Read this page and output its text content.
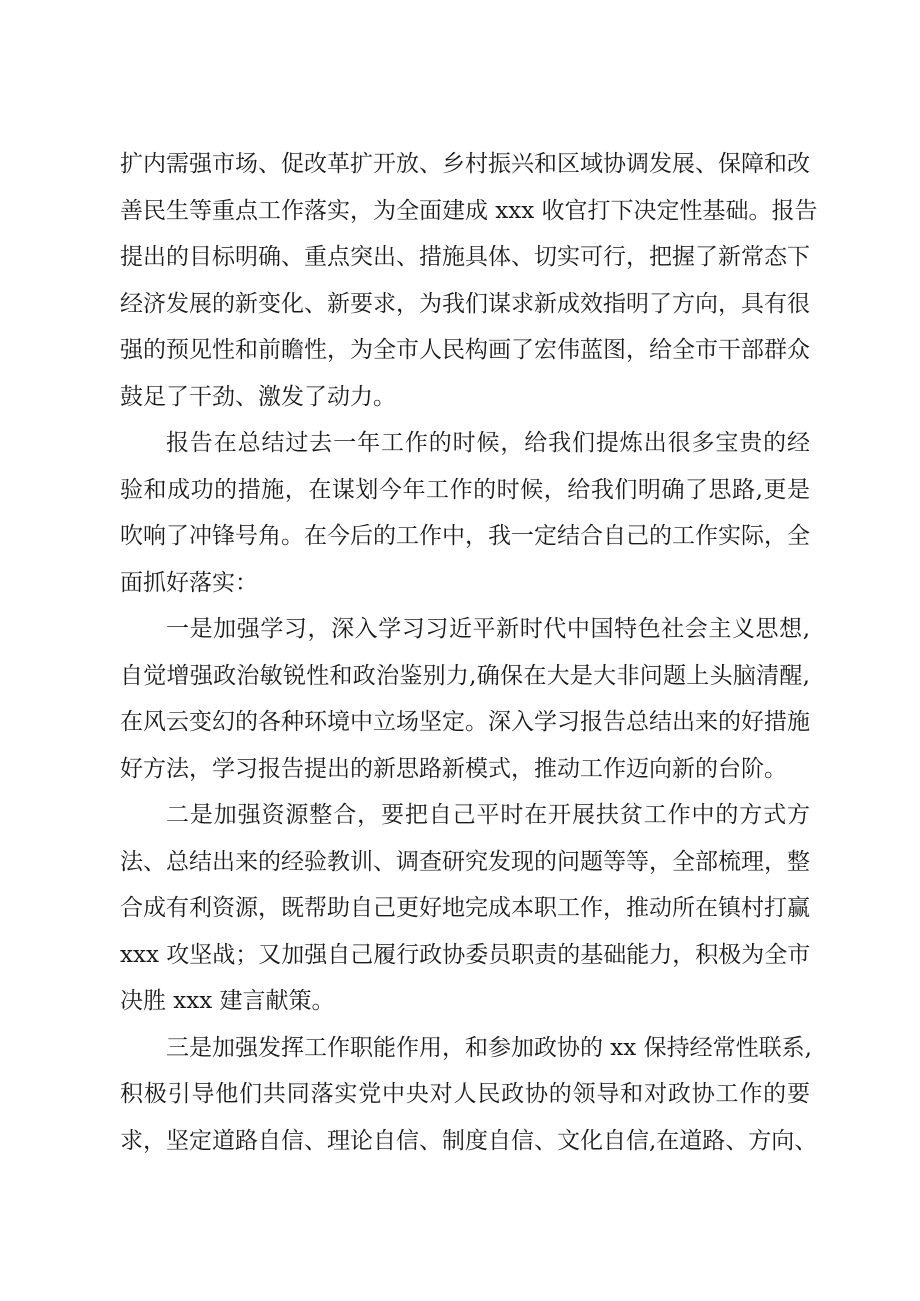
扩内需强市场、促改革扩开放、乡村振兴和区域协调发展、保障和改
善民生等重点工作落实，为全面建成 xxx 收官打下决定性基础。报告
提出的目标明确、重点突出、措施具体、切实可行，把握了新常态下
经济发展的新变化、新要求，为我们谋求新成效指明了方向，具有很
强的预见性和前瞻性，为全市人民构画了宏伟蓝图，给全市干部群众
鼓足了干劲、激发了动力。
报告在总结过去一年工作的时候，给我们提炼出很多宝贵的经
验和成功的措施，在谋划今年工作的时候，给我们明确了思路,更是
吹响了冲锋号角。在今后的工作中，我一定结合自己的工作实际，全
面抓好落实：
一是加强学习，深入学习习近平新时代中国特色社会主义思想,
自觉增强政治敏锐性和政治鉴别力,确保在大是大非问题上头脑清醒,
在风云变幻的各种环境中立场坚定。深入学习报告总结出来的好措施
好方法，学习报告提出的新思路新模式，推动工作迈向新的台阶。
二是加强资源整合，要把自己平时在开展扶贫工作中的方式方
法、总结出来的经验教训、调查研究发现的问题等等，全部梳理，整
合成有利资源，既帮助自己更好地完成本职工作，推动所在镇村打赢
xxx 攻坚战；又加强自己履行政协委员职责的基础能力，积极为全市
决胜 xxx 建言献策。
三是加强发挥工作职能作用，和参加政协的 xx 保持经常性联系,
积极引导他们共同落实党中央对人民政协的领导和对政协工作的要
求，坚定道路自信、理论自信、制度自信、文化自信,在道路、方向、
